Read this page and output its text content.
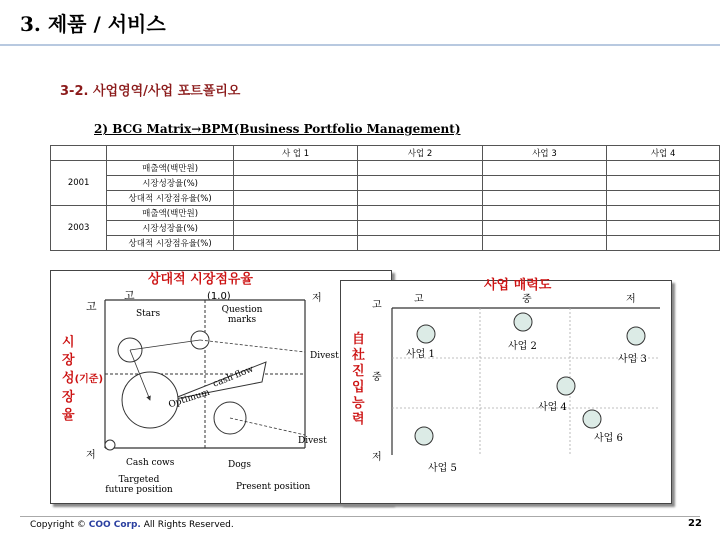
3. 제품 / 서비스
3-2. 사업영역/사업 포트폴리오
2) BCG Matrix→BPM(Business Portfolio Management)
		사 업 1	사업 2	사업 3	사업 4
2001	매출액(백만원)				
	시장성장율(%)				
	상대적 시장점유율(%)				
2003	매출액(백만원)				
	시장성장율(%)				
	상대적 시장점유율(%)				
상대적 시장점유율
고	(1.0)	저
고
저
시
장
성(기준)
장
율
Stars	Question marks
Divest
Divest
Cash cows	Dogs
cash flow
Optimum
Targeted future position	Present position
사업 매력도
고	중	저
고
중
저
自
社
진
입
능
력
사업 1
사업 2
사업 3
사업 4
사업 5
사업 6
Copyright © COO Corp. All Rights Reserved.	22
